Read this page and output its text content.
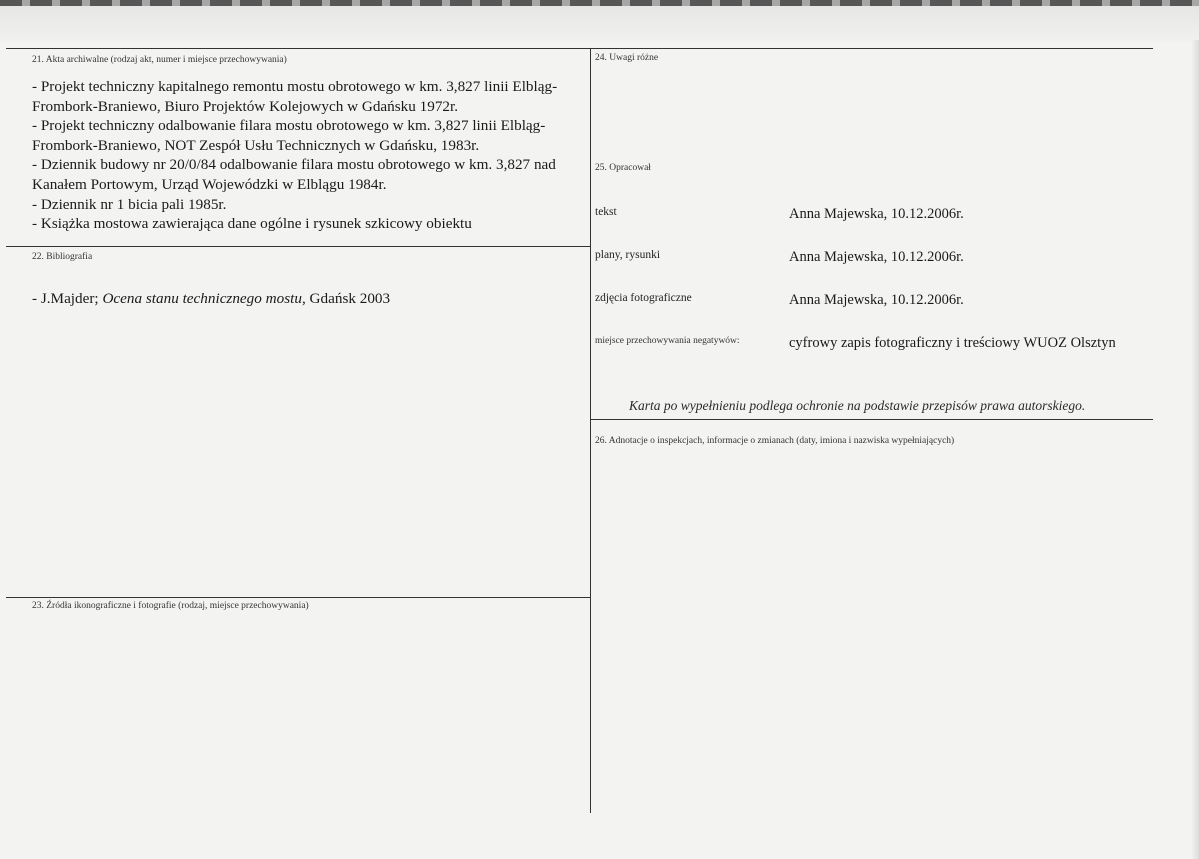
21. Akta archiwalne (rodzaj akt, numer i miejsce przechowywania)
- Projekt techniczny kapitalnego remontu mostu obrotowego w km. 3,827 linii Elbląg-Frombork-Braniewo, Biuro Projektów Kolejowych w Gdańsku 1972r.
- Projekt techniczny odalbowanie filara mostu obrotowego w km. 3,827 linii Elbląg-Frombork-Braniewo, NOT Zespół Usłu Technicznych w Gdańsku, 1983r.
- Dziennik budowy nr 20/0/84 odalbowanie filara mostu obrotowego w km. 3,827 nad Kanałem Portowym, Urząd Wojewódzki w Elblągu 1984r.
- Dziennik nr 1 bicia pali 1985r.
- Książka mostowa zawierająca dane ogólne i rysunek szkicowy obiektu
22. Bibliografia
- J.Majder; Ocena stanu technicznego mostu, Gdańsk 2003
23. Źródła ikonograficzne i fotografie (rodzaj, miejsce przechowywania)
24. Uwagi różne
25. Opracował
tekst	Anna Majewska, 10.12.2006r.
plany, rysunki	Anna Majewska, 10.12.2006r.
zdjęcia fotograficzne	Anna Majewska, 10.12.2006r.
miejsce przechowywania negatywów:	cyfrowy zapis fotograficzny i treściowy WUOZ Olsztyn
Karta po wypełnieniu podlega ochronie na podstawie przepisów prawa autorskiego.
26. Adnotacje o inspekcjach, informacje o zmianach (daty, imiona i nazwiska wypełniających)
